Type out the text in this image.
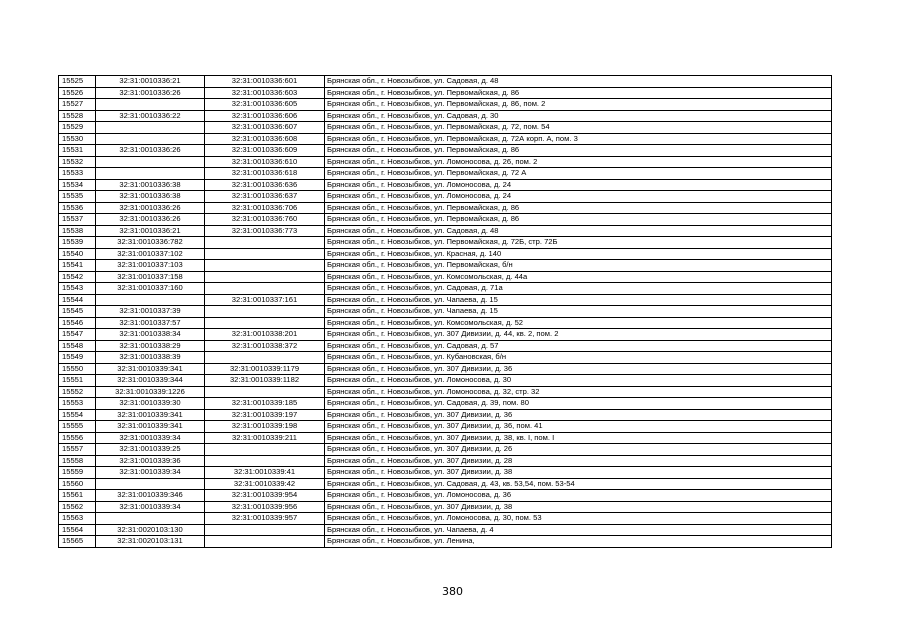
15525	32:31:0010336:21	32:31:0010336:601	Брянская обл., г. Новозыбков, ул. Садовая, д. 48
15526	32:31:0010336:26	32:31:0010336:603	Брянская обл., г. Новозыбков, ул. Первомайская, д. 86
15527		32:31:0010336:605	Брянская обл., г. Новозыбков, ул. Первомайская, д. 86, пом. 2
15528	32:31:0010336:22	32:31:0010336:606	Брянская обл., г. Новозыбков, ул. Садовая, д. 30
15529		32:31:0010336:607	Брянская обл., г. Новозыбков, ул. Первомайская, д. 72, пом. 54
15530		32:31:0010336:608	Брянская обл., г. Новозыбков, ул. Первомайская, д. 72А корп. А, пом. 3
15531	32:31:0010336:26	32:31:0010336:609	Брянская обл., г. Новозыбков, ул. Первомайская, д. 86
15532		32:31:0010336:610	Брянская обл., г. Новозыбков, ул. Ломоносова, д. 26, пом. 2
15533		32:31:0010336:618	Брянская обл., г. Новозыбков, ул. Первомайская, д. 72 А
15534	32:31:0010336:38	32:31:0010336:636	Брянская обл., г. Новозыбков, ул. Ломоносова, д. 24
15535	32:31:0010336:38	32:31:0010336:637	Брянская обл., г. Новозыбков, ул. Ломоносова, д. 24
15536	32:31:0010336:26	32:31:0010336:706	Брянская обл., г. Новозыбков, ул. Первомайская, д. 86
15537	32:31:0010336:26	32:31:0010336:760	Брянская обл., г. Новозыбков, ул. Первомайская, д. 86
15538	32:31:0010336:21	32:31:0010336:773	Брянская обл., г. Новозыбков, ул. Садовая, д. 48
15539	32:31:0010336:782		Брянская обл., г. Новозыбков, ул. Первомайская, д. 72Б, стр. 72Б
15540	32:31:0010337:102		Брянская обл., г. Новозыбков, ул. Красная, д. 140
15541	32:31:0010337:103		Брянская обл., г. Новозыбков, ул. Первомайская, б/н
15542	32:31:0010337:158		Брянская обл., г. Новозыбков, ул. Комсомольская, д. 44а
15543	32:31:0010337:160		Брянская обл., г. Новозыбков, ул. Садовая, д. 71а
15544		32:31:0010337:161	Брянская обл., г. Новозыбков, ул. Чапаева, д. 15
15545	32:31:0010337:39		Брянская обл., г. Новозыбков, ул. Чапаева, д. 15
15546	32:31:0010337:57		Брянская обл., г. Новозыбков, ул. Комсомольская, д. 52
15547	32:31:0010338:34	32:31:0010338:201	Брянская обл., г. Новозыбков, ул. 307 Дивизии, д. 44, кв. 2, пом. 2
15548	32:31:0010338:29	32:31:0010338:372	Брянская обл., г. Новозыбков, ул. Садовая, д. 57
15549	32:31:0010338:39		Брянская обл., г. Новозыбков, ул. Кубановская, б/н
15550	32:31:0010339:341	32:31:0010339:1179	Брянская обл., г. Новозыбков, ул. 307 Дивизии, д. 36
15551	32:31:0010339:344	32:31:0010339:1182	Брянская обл., г. Новозыбков, ул. Ломоносова, д. 30
15552	32:31:0010339:1226		Брянская обл., г. Новозыбков, ул. Ломоносова, д. 32, стр. 32
15553	32:31:0010339:30	32:31:0010339:185	Брянская обл., г. Новозыбков, ул. Садовая, д. 39, пом. 80
15554	32:31:0010339:341	32:31:0010339:197	Брянская обл., г. Новозыбков, ул. 307 Дивизии, д. 36
15555	32:31:0010339:341	32:31:0010339:198	Брянская обл., г. Новозыбков, ул. 307 Дивизии, д. 36, пом. 41
15556	32:31:0010339:34	32:31:0010339:211	Брянская обл., г. Новозыбков, ул. 307 Дивизии, д. 38, кв. I, пом. I
15557	32:31:0010339:25		Брянская обл., г. Новозыбков, ул. 307 Дивизии, д. 26
15558	32:31:0010339:36		Брянская обл., г. Новозыбков, ул. 307 Дивизии, д. 28
15559	32:31:0010339:34	32:31:0010339:41	Брянская обл., г. Новозыбков, ул. 307 Дивизии, д. 38
15560		32:31:0010339:42	Брянская обл., г. Новозыбков, ул. Садовая, д. 43, кв. 53,54, пом. 53-54
15561	32:31:0010339:346	32:31:0010339:954	Брянская обл., г. Новозыбков, ул. Ломоносова, д. 36
15562	32:31:0010339:34	32:31:0010339:956	Брянская обл., г. Новозыбков, ул. 307 Дивизии, д. 38
15563		32:31:0010339:957	Брянская обл., г. Новозыбков, ул. Ломоносова, д. 30, пом. 53
15564	32:31:0020103:130		Брянская обл., г. Новозыбков, ул. Чапаева, д. 4
15565	32:31:0020103:131		Брянская обл., г. Новозыбков, ул. Ленина,
380
